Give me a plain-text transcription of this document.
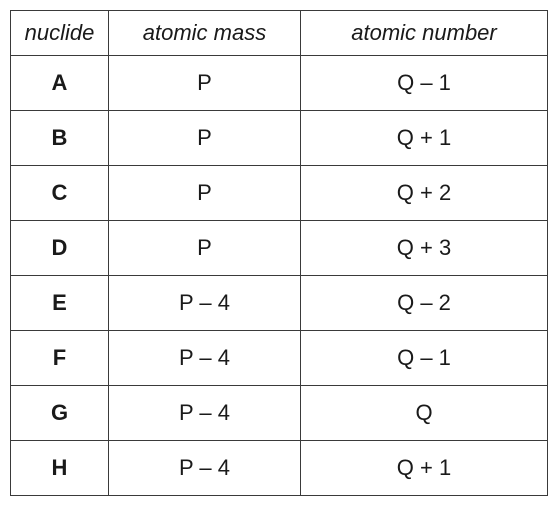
nuclide	atomic mass	atomic number
A	P	Q – 1
B	P	Q + 1
C	P	Q + 2
D	P	Q + 3
E	P – 4	Q – 2
F	P – 4	Q – 1
G	P – 4	Q
H	P – 4	Q + 1
